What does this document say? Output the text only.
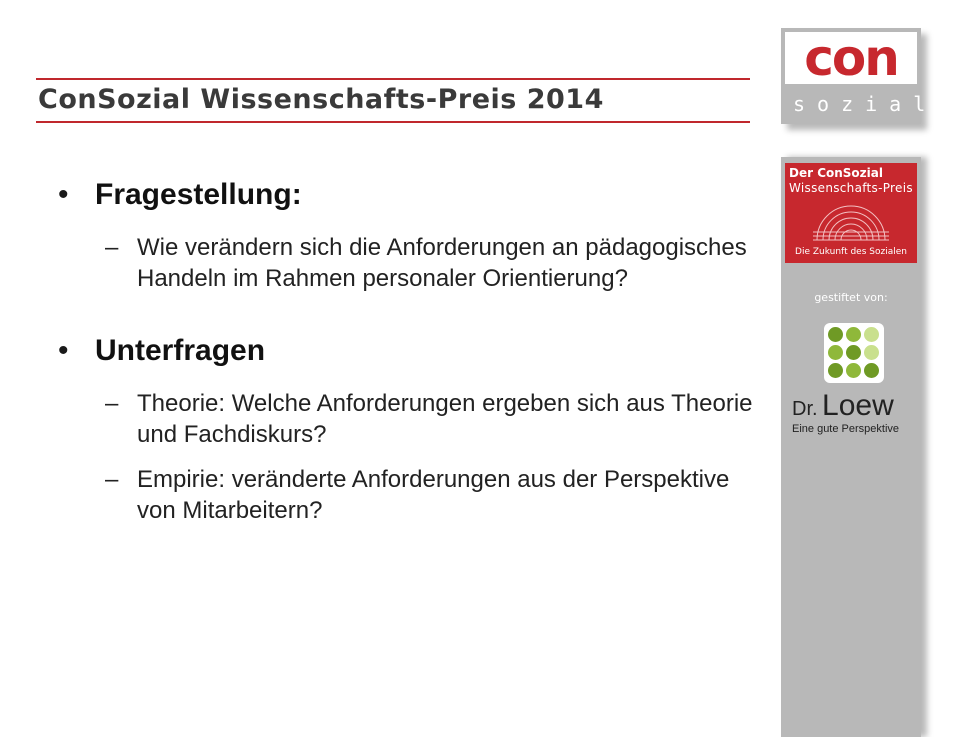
ConSozial Wissenschafts-Preis 2014
• Fragestellung:
– Wie verändern sich die Anforderungen an pädagogisches Handeln im Rahmen personaler Orientierung?
• Unterfragen
– Theorie: Welche Anforderungen ergeben sich aus Theorie und Fachdiskurs?
– Empirie: veränderte Anforderungen aus der Perspektive von Mitarbeitern?
con
sozial
Der ConSozial
Wissenschafts-Preis
Die Zukunft des Sozialen
gestiftet von:
Dr. Loew
Eine gute Perspektive
